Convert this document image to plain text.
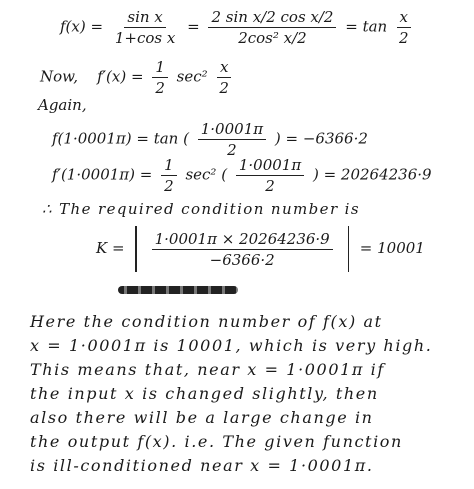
$f(x) = \frac{\text{sin x}}{\text{1+cos x}} = \frac{\text{2 sin x/2 cos x/2}}{\text{2cos² x/2}} = \tan \frac{x}{2}$
Now, $f'(x) = \frac{1}{2} \sec^2 \frac{x}{2}$
Again,
f(1·0001π) = tan ( $\frac{1\cdot 0001\pi}{2}$ ) = −6366·2
$f'(1\cdot 0001\pi) = \frac{1}{2} \sec^2$ ( $\frac{1\cdot 0001\pi}{2}$ ) = 20264236·9
∴ The required condition number is
$K = \frac{1\cdot 0001\pi \times 20264236\cdot 9}{-6366\cdot 2} = 10001$
Here the condition number of f(x) at
x = 1·0001π is 10001, which is very high.
This means that, near x = 1·0001π if
the input x is changed slightly, then
also there will be a large change in
the output f(x). i.e. The given function
is ill-conditioned near x = 1·0001π.
